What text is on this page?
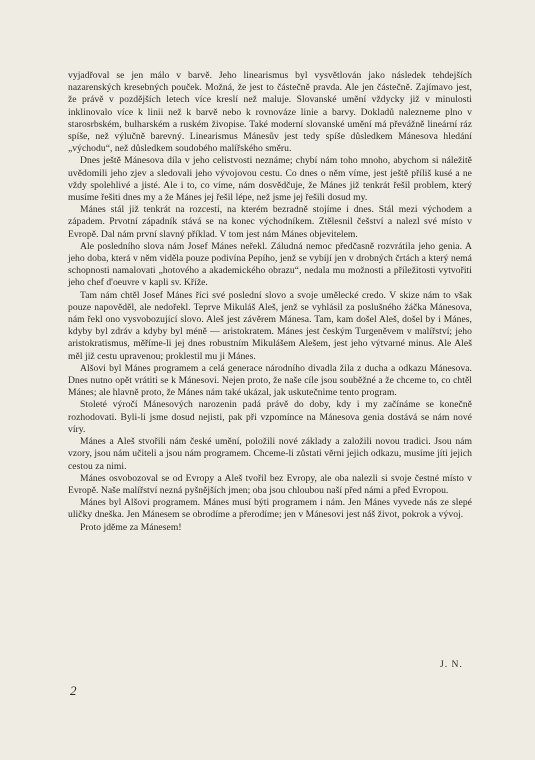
vyjadřoval se jen málo v barvě. Jeho linearismus byl vysvětlován jako následek tehdejších nazarenských kresebných pouček. Možná, že jest to částečně pravda. Ale jen částečně. Zajímavo jest, že právě v pozdějších letech více kreslí než maluje. Slovanské umění vždycky již v minulosti inklinovalo více k linii než k barvě nebo k rovnováze linie a barvy. Dokladů nalezneme plno v starosrbském, bulharském a ruském živopise. Také moderní slovanské umění má převážně lineární ráz spíše, než výlučně barevný. Linearismus Mánesův jest tedy spíše důsledkem Mánesova hledání „východu“, než důsledkem soudobého malířského směru.

Dnes ještě Mánesova díla v jeho celistvosti neznáme; chybí nám toho mnoho, abychom si náležitě uvědomili jeho zjev a sledovali jeho vývojovou cestu. Co dnes o něm víme, jest ještě příliš kusé a ne vždy spolehlivé a jisté. Ale i to, co víme, nám dosvědčuje, že Mánes již tenkrát řešil problem, který musíme řešiti dnes my a že Mánes jej řešil lépe, než jsme jej řešili dosud my.

Mánes stál již tenkrát na rozcestí, na kterém bezradně stojíme i dnes. Stál mezi východem a západem. Prvotní západník stává se na konec východníkem. Ztělesnil češství a nalezl své místo v Evropě. Dal nám první slavný příklad. V tom jest nám Mánes objevitelem.

Ale posledního slova nám Josef Mánes neřekl. Záludná nemoc předčasně rozvrátila jeho genia. A jeho doba, která v něm viděla pouze podivína Pepího, jenž se vybíjí jen v drobných črtách a který nemá schopnosti namalovati „hotového a akademického obrazu“, nedala mu možnosti a příležitosti vytvořiti jeho chef d'oeuvre v kapli sv. Kříže.

Tam nám chtěl Josef Mánes říci své poslední slovo a svoje umělecké credo. V skize nám to však pouze napověděl, ale nedořekl. Teprve Mikuláš Aleš, jenž se vyhlásil za poslušného žáčka Mánesova, nám řekl ono vysvobozující slovo. Aleš jest závěrem Mánesa. Tam, kam došel Aleš, došel by i Mánes, kdyby byl zdráv a kdyby byl méně — aristokratem. Mánes jest českým Turgeněvem v malířství; jeho aristokratismus, měříme-li jej dnes robustním Mikulášem Alešem, jest jeho výtvarné minus. Ale Aleš měl již cestu upravenou; proklestil mu ji Mánes.

Alšovi byl Mánes programem a celá generace národního divadla žila z ducha a odkazu Mánesova. Dnes nutno opět vrátiti se k Mánesovi. Nejen proto, že naše cíle jsou souběžné a že chceme to, co chtěl Mánes; ale hlavně proto, že Mánes nám také ukázal, jak uskutečnime tento program.

Stoleté výročí Mánesových narozenin padá právě do doby, kdy i my začínáme se konečně rozhodovati. Byli-li jsme dosud nejisti, pak při vzpomínce na Mánesova genia dostává se nám nové víry.

Mánes a Aleš stvořili nám české umění, položili nové základy a založili novou tradici. Jsou nám vzory, jsou nám učiteli a jsou nám programem. Chceme-li zůstati věrni jejich odkazu, musíme jíti jejich cestou za nimi.

Mánes osvobozoval se od Evropy a Aleš tvořil bez Evropy, ale oba nalezli si svoje čestné místo v Evropě. Naše malířství nezná pyšnějších jmen; oba jsou chloubou naší před námi a před Evropou.

Mánes byl Alšovi programem. Mánes musí býti programem i nám. Jen Mánes vyvede nás ze slepé uličky dneška. Jen Mánesem se obrodíme a přerodíme; jen v Mánesovi jest náš život, pokrok a vývoj.

Proto jděme za Mánesem!

J. N.
2
